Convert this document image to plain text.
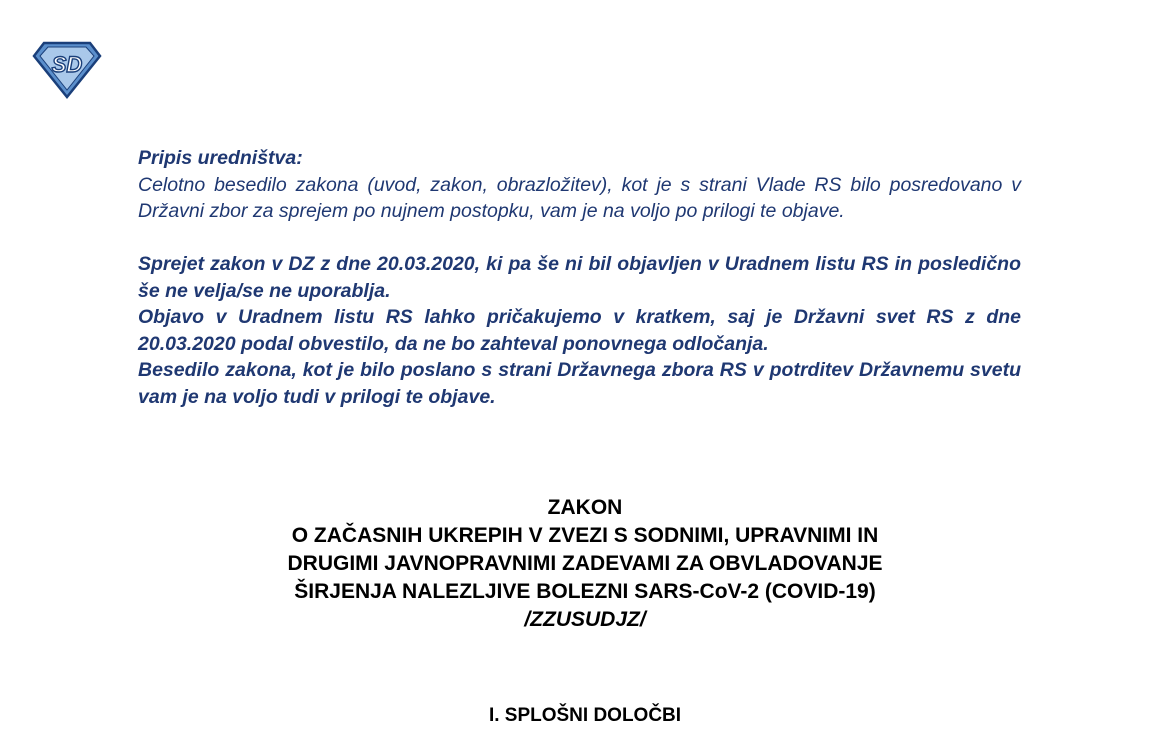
SD

Pripis uredništva:

Celotno besedilo zakona (uvod, zakon, obrazložitev), kot je s strani Vlade RS bilo posredovano v Državni zbor za sprejem po nujnem postopku, vam je na voljo po prilogi te objave.

Sprejet zakon v DZ z dne 20.03.2020, ki pa še ni bil objavljen v Uradnem listu RS in posledično še ne velja/se ne uporablja.

Objavo v Uradnem listu RS lahko pričakujemo v kratkem, saj je Državni svet RS z dne 20.03.2020 podal obvestilo, da ne bo zahteval ponovnega odločanja.

Besedilo zakona, kot je bilo poslano s strani Državnega zbora RS v potrditev Državnemu svetu vam je na voljo tudi v prilogi te objave.

ZAKON
O ZAČASNIH UKREPIH V ZVEZI S SODNIMI, UPRAVNIMI IN
DRUGIMI JAVNOPRAVNIMI ZADEVAMI ZA OBVLADOVANJE
ŠIRJENJA NALEZLJIVE BOLEZNI SARS-CoV-2 (COVID-19)
/ZZUSUDJZ/
I. SPLOŠNI DOLOČBI
